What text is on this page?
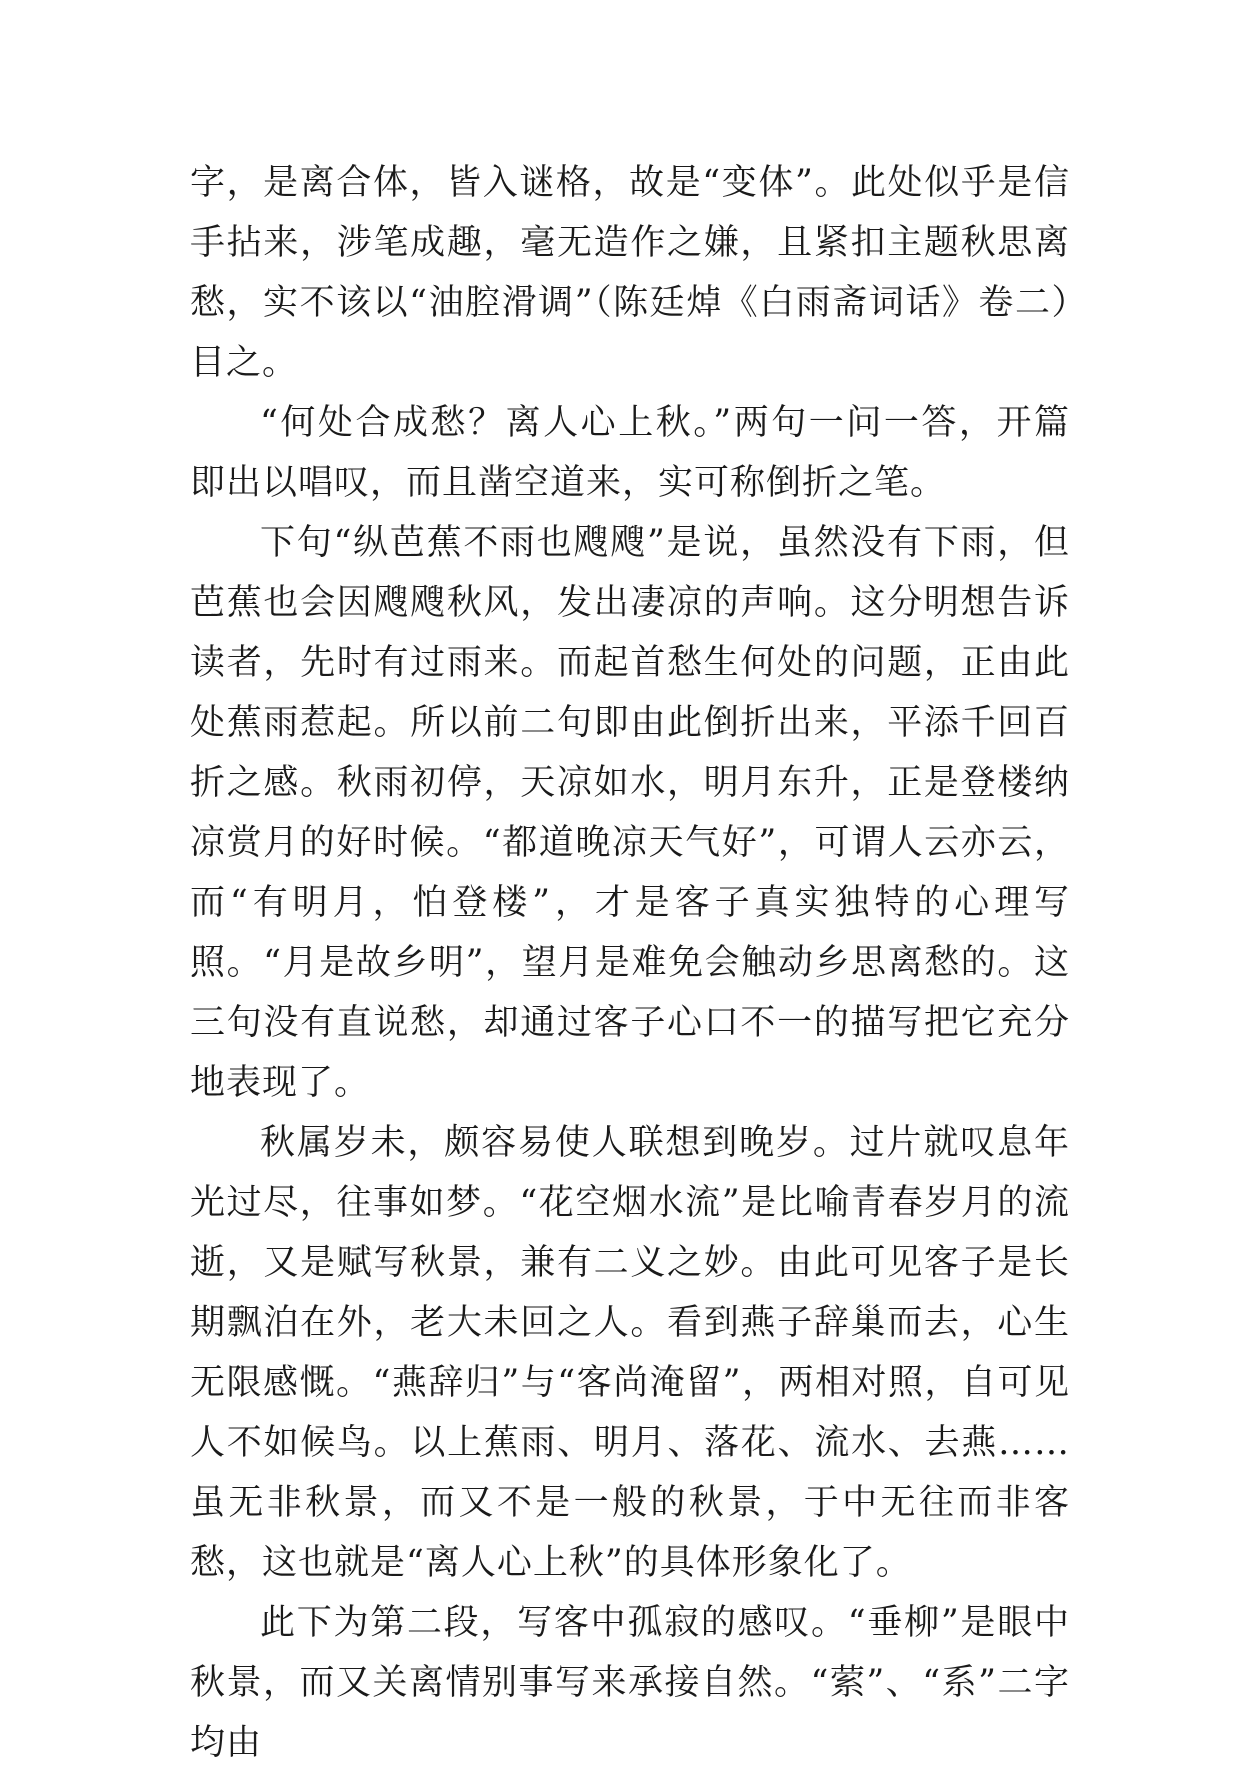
字，是离合体，皆入谜格，故是“变体”。此处似乎是信手拈来，涉笔成趣，毫无造作之嫌，且紧扣主题秋思离愁，实不该以“油腔滑调”（陈廷焯《白雨斋词话》卷二）目之。

“何处合成愁？离人心上秋。”两句一问一答，开篇即出以唱叹，而且凿空道来，实可称倒折之笔。

下句“纵芭蕉不雨也飕飕”是说，虽然没有下雨，但芭蕉也会因飕飕秋风，发出凄凉的声响。这分明想告诉读者，先时有过雨来。而起首愁生何处的问题，正由此处蕉雨惹起。所以前二句即由此倒折出来，平添千回百折之感。秋雨初停，天凉如水，明月东升，正是登楼纳凉赏月的好时候。“都道晚凉天气好”，可谓人云亦云，而“有明月，怕登楼”，才是客子真实独特的心理写照。“月是故乡明”，望月是难免会触动乡思离愁的。这三句没有直说愁，却通过客子心口不一的描写把它充分地表现了。

秋属岁未，颇容易使人联想到晚岁。过片就叹息年光过尽，往事如梦。“花空烟水流”是比喻青春岁月的流逝，又是赋写秋景，兼有二义之妙。由此可见客子是长期飘泊在外，老大未回之人。看到燕子辞巢而去，心生无限感慨。“燕辞归”与“客尚淹留”，两相对照，自可见人不如候鸟。以上蕉雨、明月、落花、流水、去燕……虽无非秋景，而又不是一般的秋景，于中无往而非客愁，这也就是“离人心上秋”的具体形象化了。

此下为第二段，写客中孤寂的感叹。“垂柳”是眼中秋景，而又关离情别事写来承接自然。“萦”、“系”二字均由
